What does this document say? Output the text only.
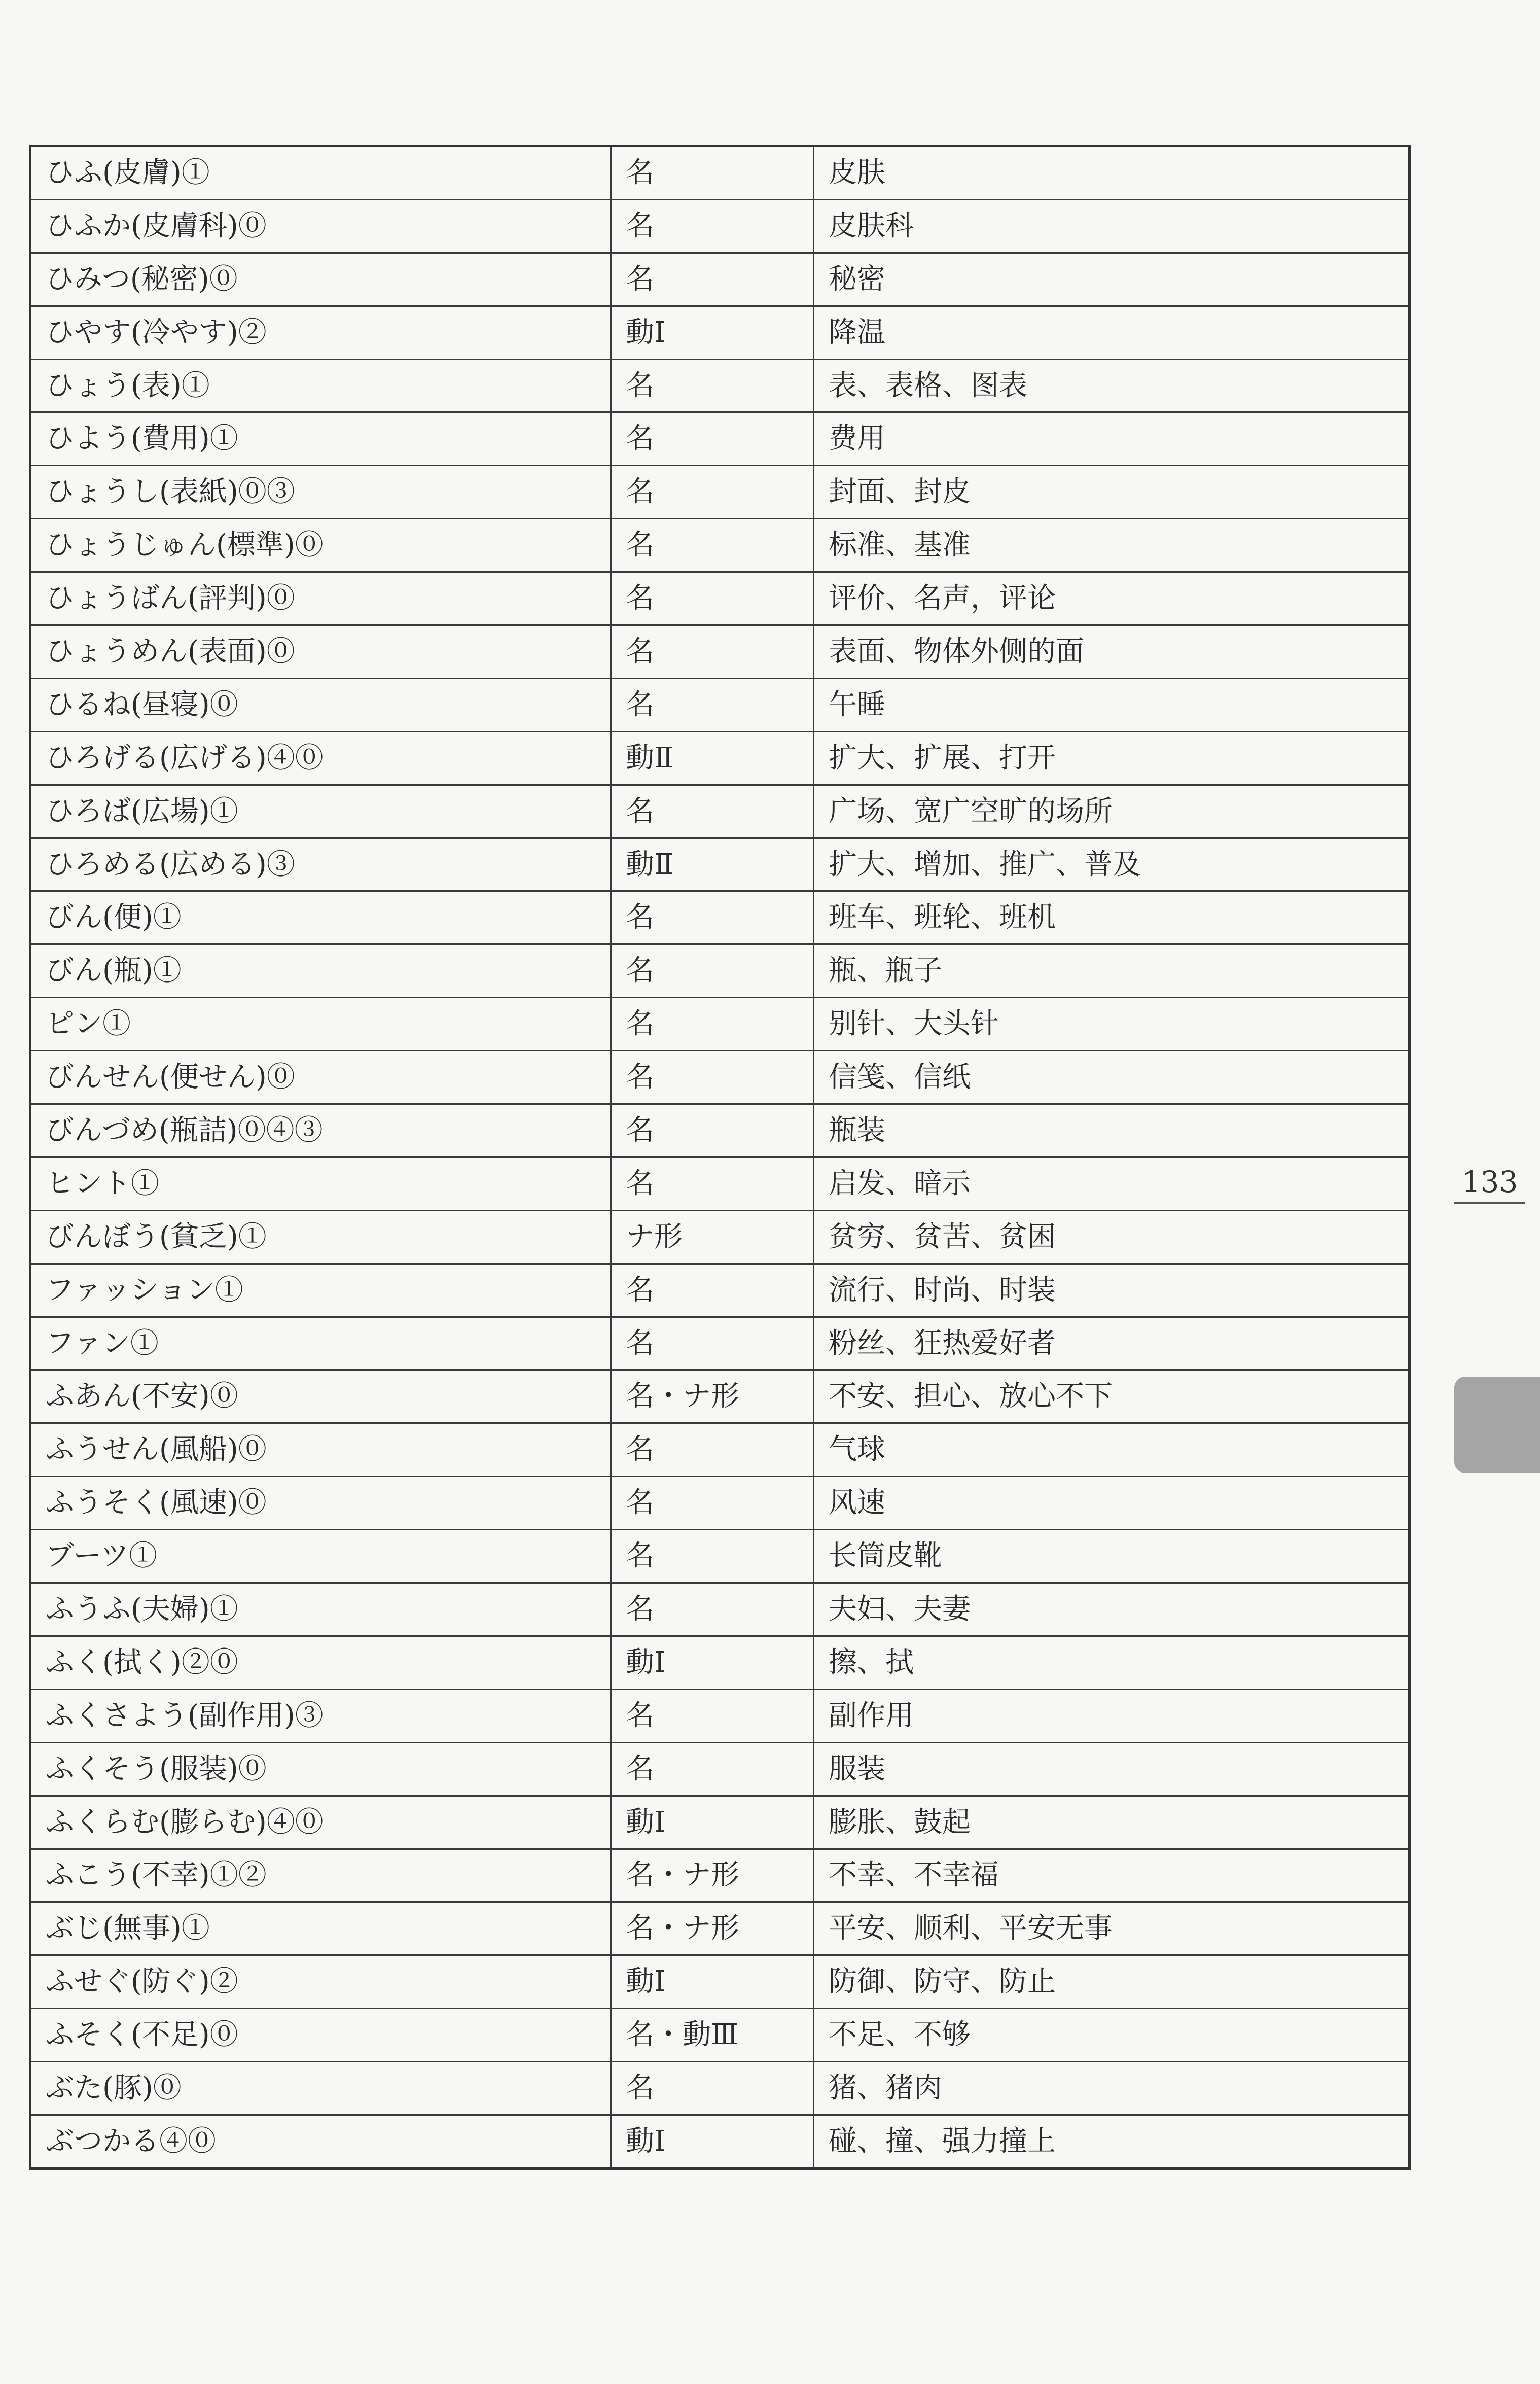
ひふ(皮膚)①	名	皮肤
ひふか(皮膚科)⓪	名	皮肤科
ひみつ(秘密)⓪	名	秘密
ひやす(冷やす)②	動Ⅰ	降温
ひょう(表)①	名	表、表格、图表
ひよう(費用)①	名	费用
ひょうし(表紙)⓪③	名	封面、封皮
ひょうじゅん(標準)⓪	名	标准、基准
ひょうばん(評判)⓪	名	评价、名声，评论
ひょうめん(表面)⓪	名	表面、物体外侧的面
ひるね(昼寝)⓪	名	午睡
ひろげる(広げる)④⓪	動Ⅱ	扩大、扩展、打开
ひろば(広場)①	名	广场、宽广空旷的场所
ひろめる(広める)③	動Ⅱ	扩大、增加、推广、普及
びん(便)①	名	班车、班轮、班机
びん(瓶)①	名	瓶、瓶子
ピン①	名	别针、大头针
びんせん(便せん)⓪	名	信笺、信纸
びんづめ(瓶詰)⓪④③	名	瓶装
ヒント①	名	启发、暗示
びんぼう(貧乏)①	ナ形	贫穷、贫苦、贫困
ファッション①	名	流行、时尚、时装
ファン①	名	粉丝、狂热爱好者
ふあん(不安)⓪	名・ナ形	不安、担心、放心不下
ふうせん(風船)⓪	名	气球
ふうそく(風速)⓪	名	风速
ブーツ①	名	长筒皮靴
ふうふ(夫婦)①	名	夫妇、夫妻
ふく(拭く)②⓪	動Ⅰ	擦、拭
ふくさよう(副作用)③	名	副作用
ふくそう(服装)⓪	名	服装
ふくらむ(膨らむ)④⓪	動Ⅰ	膨胀、鼓起
ふこう(不幸)①②	名・ナ形	不幸、不幸福
ぶじ(無事)①	名・ナ形	平安、顺利、平安无事
ふせぐ(防ぐ)②	動Ⅰ	防御、防守、防止
ふそく(不足)⓪	名・動Ⅲ	不足、不够
ぶた(豚)⓪	名	猪、猪肉
ぶつかる④⓪	動Ⅰ	碰、撞、强力撞上
133
